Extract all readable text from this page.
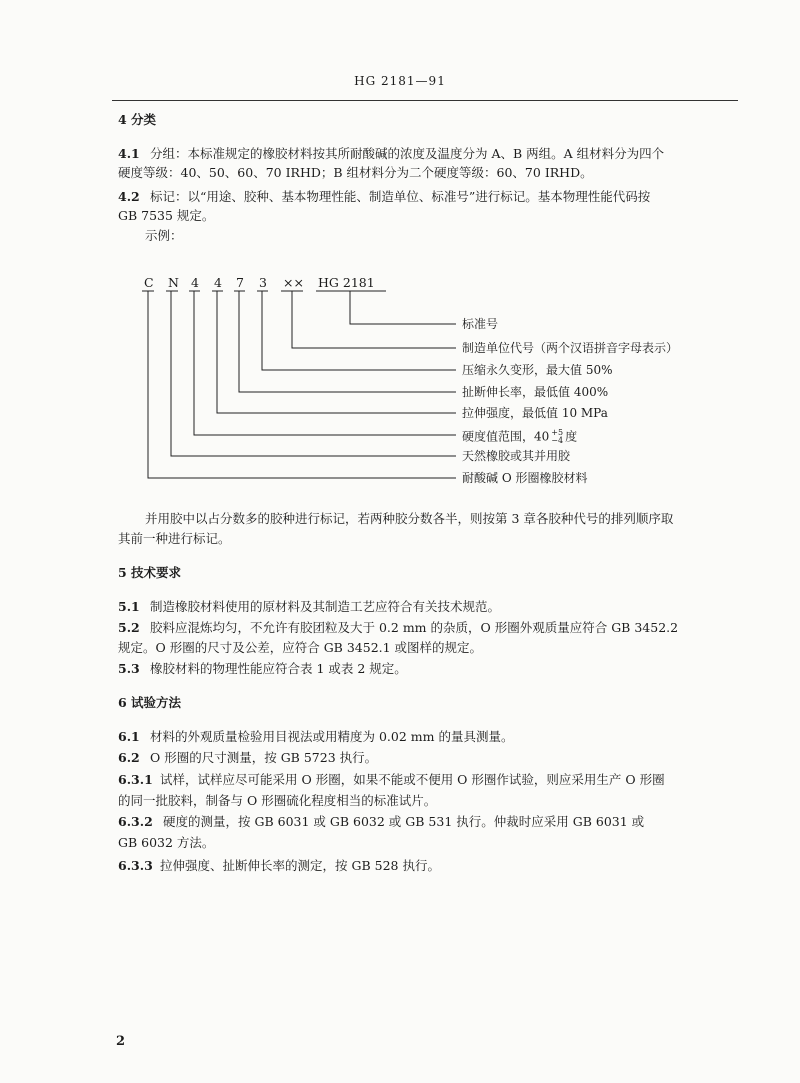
HG 2181—91
4 分类
4.1 分组：本标准规定的橡胶材料按其所耐酸碱的浓度及温度分为 A、B 两组。A 组材料分为四个
硬度等级：40、50、60、70 IRHD；B 组材料分为二个硬度等级：60、70 IRHD。
4.2 标记：以“用途、胶种、基本物理性能、制造单位、标准号”进行标记。基本物理性能代码按
GB 7535 规定。
示例：
C N 4 4 7 3 ×× HG 2181
标准号
制造单位代号（两个汉语拼音字母表示）
压缩永久变形，最大值 50%
扯断伸长率，最低值 400%
拉伸强度，最低值 10 MPa
硬度值范围，40 +5
−4 度
天然橡胶或其并用胶
耐酸碱 O 形圈橡胶材料
并用胶中以占分数多的胶种进行标记，若两种胶分数各半，则按第 3 章各胶种代号的排列顺序取
其前一种进行标记。
5 技术要求
5.1 制造橡胶材料使用的原材料及其制造工艺应符合有关技术规范。
5.2 胶料应混炼均匀，不允许有胶团粒及大于 0.2 mm 的杂质，O 形圈外观质量应符合 GB 3452.2
规定。O 形圈的尺寸及公差，应符合 GB 3452.1 或图样的规定。
5.3 橡胶材料的物理性能应符合表 1 或表 2 规定。
6 试验方法
6.1 材料的外观质量检验用目视法或用精度为 0.02 mm 的量具测量。
6.2 O 形圈的尺寸测量，按 GB 5723 执行。
6.3.1 试样，试样应尽可能采用 O 形圈，如果不能或不便用 O 形圈作试验，则应采用生产 O 形圈
的同一批胶料，制备与 O 形圈硫化程度相当的标准试片。
6.3.2 硬度的测量，按 GB 6031 或 GB 6032 或 GB 531 执行。仲裁时应采用 GB 6031 或
GB 6032 方法。
6.3.3 拉伸强度、扯断伸长率的测定，按 GB 528 执行。
2
